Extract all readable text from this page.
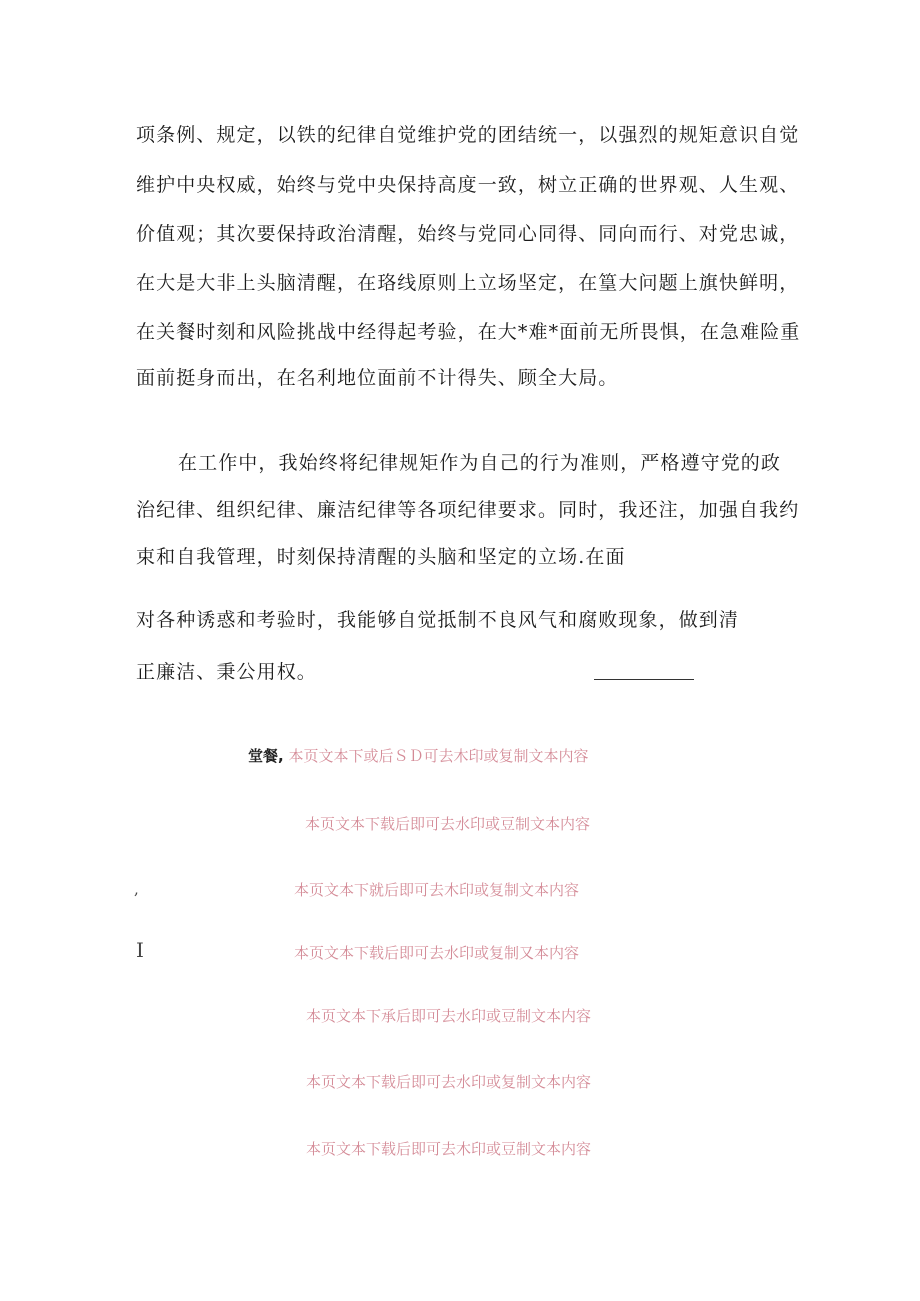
项条例、规定，以铁的纪律自觉维护党的团结统一，以强烈的规矩意识自觉
维护中央权威，始终与党中央保持高度一致，树立正确的世界观、人生观、
价值观；其次要保持政治清醒，始终与党同心同得、同向而行、对党忠诚，
在大是大非上头脑清醒，在珞线原则上立场坚定，在篁大问题上旗快鲜明，
在关餐时刻和风险挑战中经得起考验，在大*难*面前无所畏惧，在急难险重
面前挺身而出，在名利地位面前不计得失、顾全大局。
在工作中，我始终将纪律规矩作为自己的行为准则，严格遵守党的政
治纪律、组织纪律、廉洁纪律等各项纪律要求。同时，我还注，加强自我约
束和自我管理，时刻保持清醒的头脑和坚定的立场.在面
对各种诱惑和考验时，我能够自觉抵制不良风气和腐败现象，做到清
正廉洁、秉公用权。
堂餐, 本页文本下或后ＳＤ可去木印或复制文本内容
本页文本下载后即可去水印或豆制文本内容
,	本页文本下就后即可去木印或复制文本内容
I	本页文本下载后即可去水印或复制又本内容
本页文本下承后即可去水印或豆制文本内容
本页文本下载后即可去水印或复制文本内容
本页文本下载后即可去木印或豆制文本内容
